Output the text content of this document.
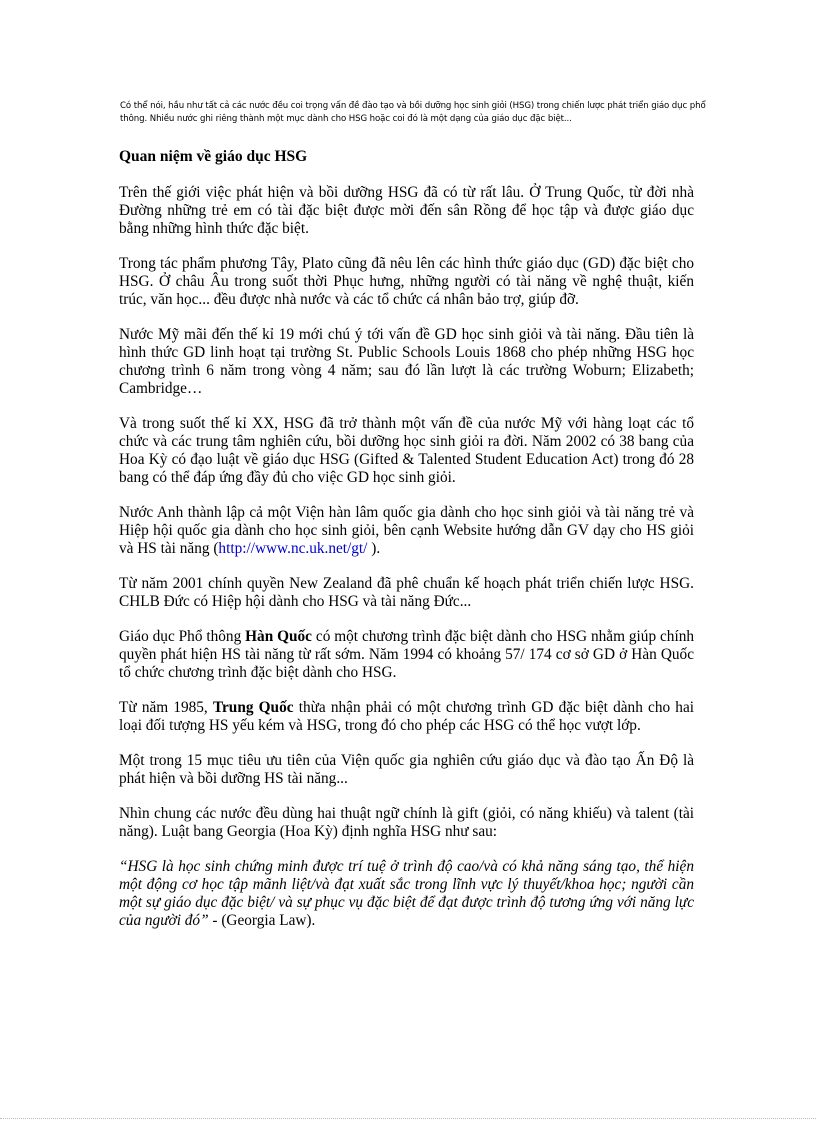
Có thể nói, hầu như tất cả các nước đều coi trọng vấn đề đào tạo và bồi dưỡng học sinh giỏi (HSG) trong chiến lược phát triển giáo dục phổ thông. Nhiều nước ghi riêng thành một mục dành cho HSG hoặc coi đó là một dạng của giáo dục đặc biệt...
Quan niệm về giáo dục HSG
Trên thế giới việc phát hiện và bồi dưỡng HSG đã có từ rất lâu. Ở Trung Quốc, từ đời nhà Đường những trẻ em có tài đặc biệt được mời đến sân Rồng để học tập và được giáo dục bằng những hình thức đặc biệt.
Trong tác phẩm phương Tây, Plato cũng đã nêu lên các hình thức giáo dục (GD) đặc biệt cho HSG. Ở châu Âu trong suốt thời Phục hưng, những người có tài năng về nghệ thuật, kiến trúc, văn học... đều được nhà nước và các tổ chức cá nhân bảo trợ, giúp đỡ.
Nước Mỹ mãi đến thế kỉ 19 mới chú ý tới vấn đề GD học sinh giỏi và tài năng. Đầu tiên là hình thức GD linh hoạt tại trường St. Public Schools Louis 1868 cho phép những HSG học chương trình 6 năm trong vòng 4 năm; sau đó lần lượt là các trường Woburn; Elizabeth; Cambridge…
Và trong suốt thế kỉ XX, HSG đã trở thành một vấn đề của nước Mỹ với hàng loạt các tổ chức và các trung tâm nghiên cứu, bồi dưỡng học sinh giỏi ra đời. Năm 2002 có 38 bang của Hoa Kỳ có đạo luật về giáo dục HSG (Gifted & Talented Student Education Act) trong đó 28 bang có thể đáp ứng đầy đủ cho việc GD học sinh giỏi.
Nước Anh thành lập cả một Viện hàn lâm quốc gia dành cho học sinh giỏi và tài năng trẻ và Hiệp hội quốc gia dành cho học sinh giỏi, bên cạnh Website hướng dẫn GV dạy cho HS giỏi và HS tài năng (http://www.nc.uk.net/gt/ ).
Từ năm 2001 chính quyền New Zealand đã phê chuẩn kế hoạch phát triển chiến lược HSG. CHLB Đức có Hiệp hội dành cho HSG và tài năng Đức...
Giáo dục Phổ thông Hàn Quốc có một chương trình đặc biệt dành cho HSG nhằm giúp chính quyền phát hiện HS tài năng từ rất sớm. Năm 1994 có khoảng 57/ 174 cơ sở GD ở Hàn Quốc tổ chức chương trình đặc biệt dành cho HSG.
Từ năm 1985, Trung Quốc thừa nhận phải có một chương trình GD đặc biệt dành cho hai loại đối tượng HS yếu kém và HSG, trong đó cho phép các HSG có thể học vượt lớp.
Một trong 15 mục tiêu ưu tiên của Viện quốc gia nghiên cứu giáo dục và đào tạo Ấn Độ là phát hiện và bồi dưỡng HS tài năng...
Nhìn chung các nước đều dùng hai thuật ngữ chính là gift (giỏi, có năng khiếu) và talent (tài năng). Luật bang Georgia (Hoa Kỳ) định nghĩa HSG như sau:
“HSG là học sinh chứng minh được trí tuệ ở trình độ cao/và có khả năng sáng tạo, thể hiện một động cơ học tập mãnh liệt/và đạt xuất sắc trong lĩnh vực lý thuyết/khoa học; người cần một sự giáo dục đặc biệt/ và sự phục vụ đặc biệt để đạt được trình độ tương ứng với năng lực của người đó” - (Georgia Law).
